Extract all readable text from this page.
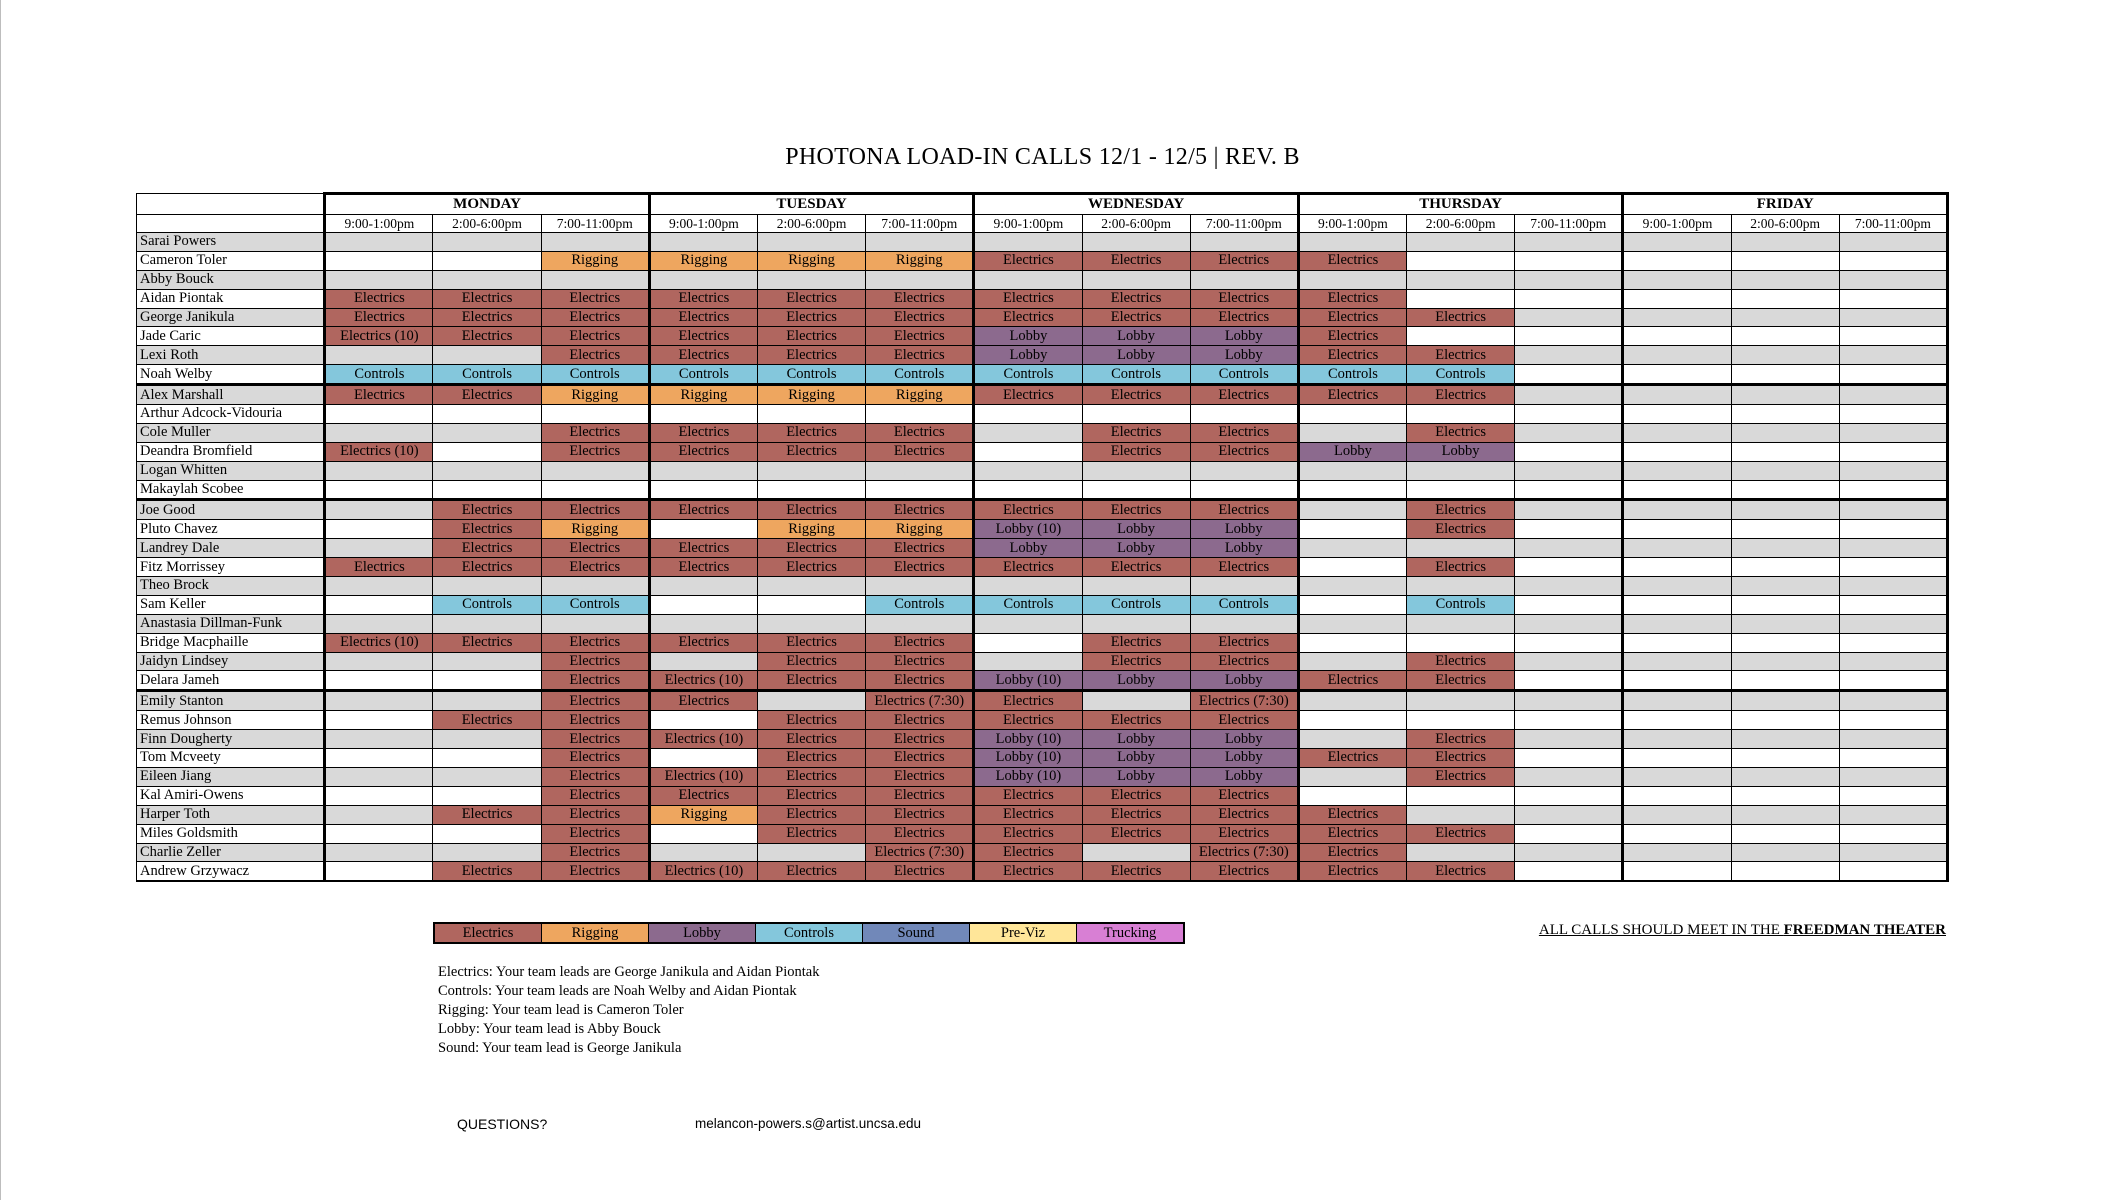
PHOTONA LOAD-IN CALLS 12/1 - 12/5 | REV. B
	MONDAY			TUESDAY			WEDNESDAY			THURSDAY			FRIDAY		
	9:00-1:00pm	2:00-6:00pm	7:00-11:00pm	9:00-1:00pm	2:00-6:00pm	7:00-11:00pm	9:00-1:00pm	2:00-6:00pm	7:00-11:00pm	9:00-1:00pm	2:00-6:00pm	7:00-11:00pm	9:00-1:00pm	2:00-6:00pm	7:00-11:00pm
Sarai Powers															
Cameron Toler			Rigging	Rigging	Rigging	Rigging	Electrics	Electrics	Electrics	Electrics					
Abby Bouck															
Aidan Piontak	Electrics	Electrics	Electrics	Electrics	Electrics	Electrics	Electrics	Electrics	Electrics	Electrics					
George Janikula	Electrics	Electrics	Electrics	Electrics	Electrics	Electrics	Electrics	Electrics	Electrics	Electrics	Electrics				
Jade Caric	Electrics (10)	Electrics	Electrics	Electrics	Electrics	Electrics	Lobby	Lobby	Lobby	Electrics					
Lexi Roth			Electrics	Electrics	Electrics	Electrics	Lobby	Lobby	Lobby	Electrics	Electrics				
Noah Welby	Controls	Controls	Controls	Controls	Controls	Controls	Controls	Controls	Controls	Controls	Controls				
Alex Marshall	Electrics	Electrics	Rigging	Rigging	Rigging	Rigging	Electrics	Electrics	Electrics	Electrics	Electrics				
Arthur Adcock-Vidouria															
Cole Muller			Electrics	Electrics	Electrics	Electrics		Electrics	Electrics		Electrics				
Deandra Bromfield	Electrics (10)		Electrics	Electrics	Electrics	Electrics		Electrics	Electrics	Lobby	Lobby				
Logan Whitten															
Makaylah Scobee															
Joe Good		Electrics	Electrics	Electrics	Electrics	Electrics	Electrics	Electrics	Electrics		Electrics				
Pluto Chavez		Electrics	Rigging		Rigging	Rigging	Lobby (10)	Lobby	Lobby		Electrics				
Landrey Dale		Electrics	Electrics	Electrics	Electrics	Electrics	Lobby	Lobby	Lobby						
Fitz Morrissey	Electrics	Electrics	Electrics	Electrics	Electrics	Electrics	Electrics	Electrics	Electrics		Electrics				
Theo Brock															
Sam Keller		Controls	Controls			Controls	Controls	Controls	Controls		Controls				
Anastasia Dillman-Funk															
Bridge Macphaille	Electrics (10)	Electrics	Electrics	Electrics	Electrics	Electrics		Electrics	Electrics						
Jaidyn Lindsey			Electrics		Electrics	Electrics		Electrics	Electrics		Electrics				
Delara Jameh			Electrics	Electrics (10)	Electrics	Electrics	Lobby (10)	Lobby	Lobby	Electrics	Electrics				
Emily Stanton			Electrics	Electrics		Electrics (7:30)	Electrics		Electrics (7:30)						
Remus Johnson		Electrics	Electrics		Electrics	Electrics	Electrics	Electrics	Electrics						
Finn Dougherty			Electrics	Electrics (10)	Electrics	Electrics	Lobby (10)	Lobby	Lobby		Electrics				
Tom Mcveety			Electrics		Electrics	Electrics	Lobby (10)	Lobby	Lobby	Electrics	Electrics				
Eileen Jiang			Electrics	Electrics (10)	Electrics	Electrics	Lobby (10)	Lobby	Lobby		Electrics				
Kal Amiri-Owens			Electrics	Electrics	Electrics	Electrics	Electrics	Electrics	Electrics						
Harper Toth		Electrics	Electrics	Rigging	Electrics	Electrics	Electrics	Electrics	Electrics	Electrics					
Miles Goldsmith			Electrics		Electrics	Electrics	Electrics	Electrics	Electrics	Electrics	Electrics				
Charlie Zeller			Electrics			Electrics (7:30)	Electrics		Electrics (7:30)	Electrics					
Andrew Grzywacz		Electrics	Electrics	Electrics (10)	Electrics	Electrics	Electrics	Electrics	Electrics	Electrics	Electrics				
Electrics	Rigging	Lobby	Controls	Sound	Pre-Viz	Trucking	ALL CALLS SHOULD MEET IN THE FREEDMAN THEATER
Electrics: Your team leads are George Janikula and Aidan Piontak
Controls: Your team leads are Noah Welby and Aidan Piontak
Rigging: Your team lead is Cameron Toler
Lobby: Your team lead is Abby Bouck
Sound: Your team lead is George Janikula
QUESTIONS?	melancon-powers.s@artist.uncsa.edu
